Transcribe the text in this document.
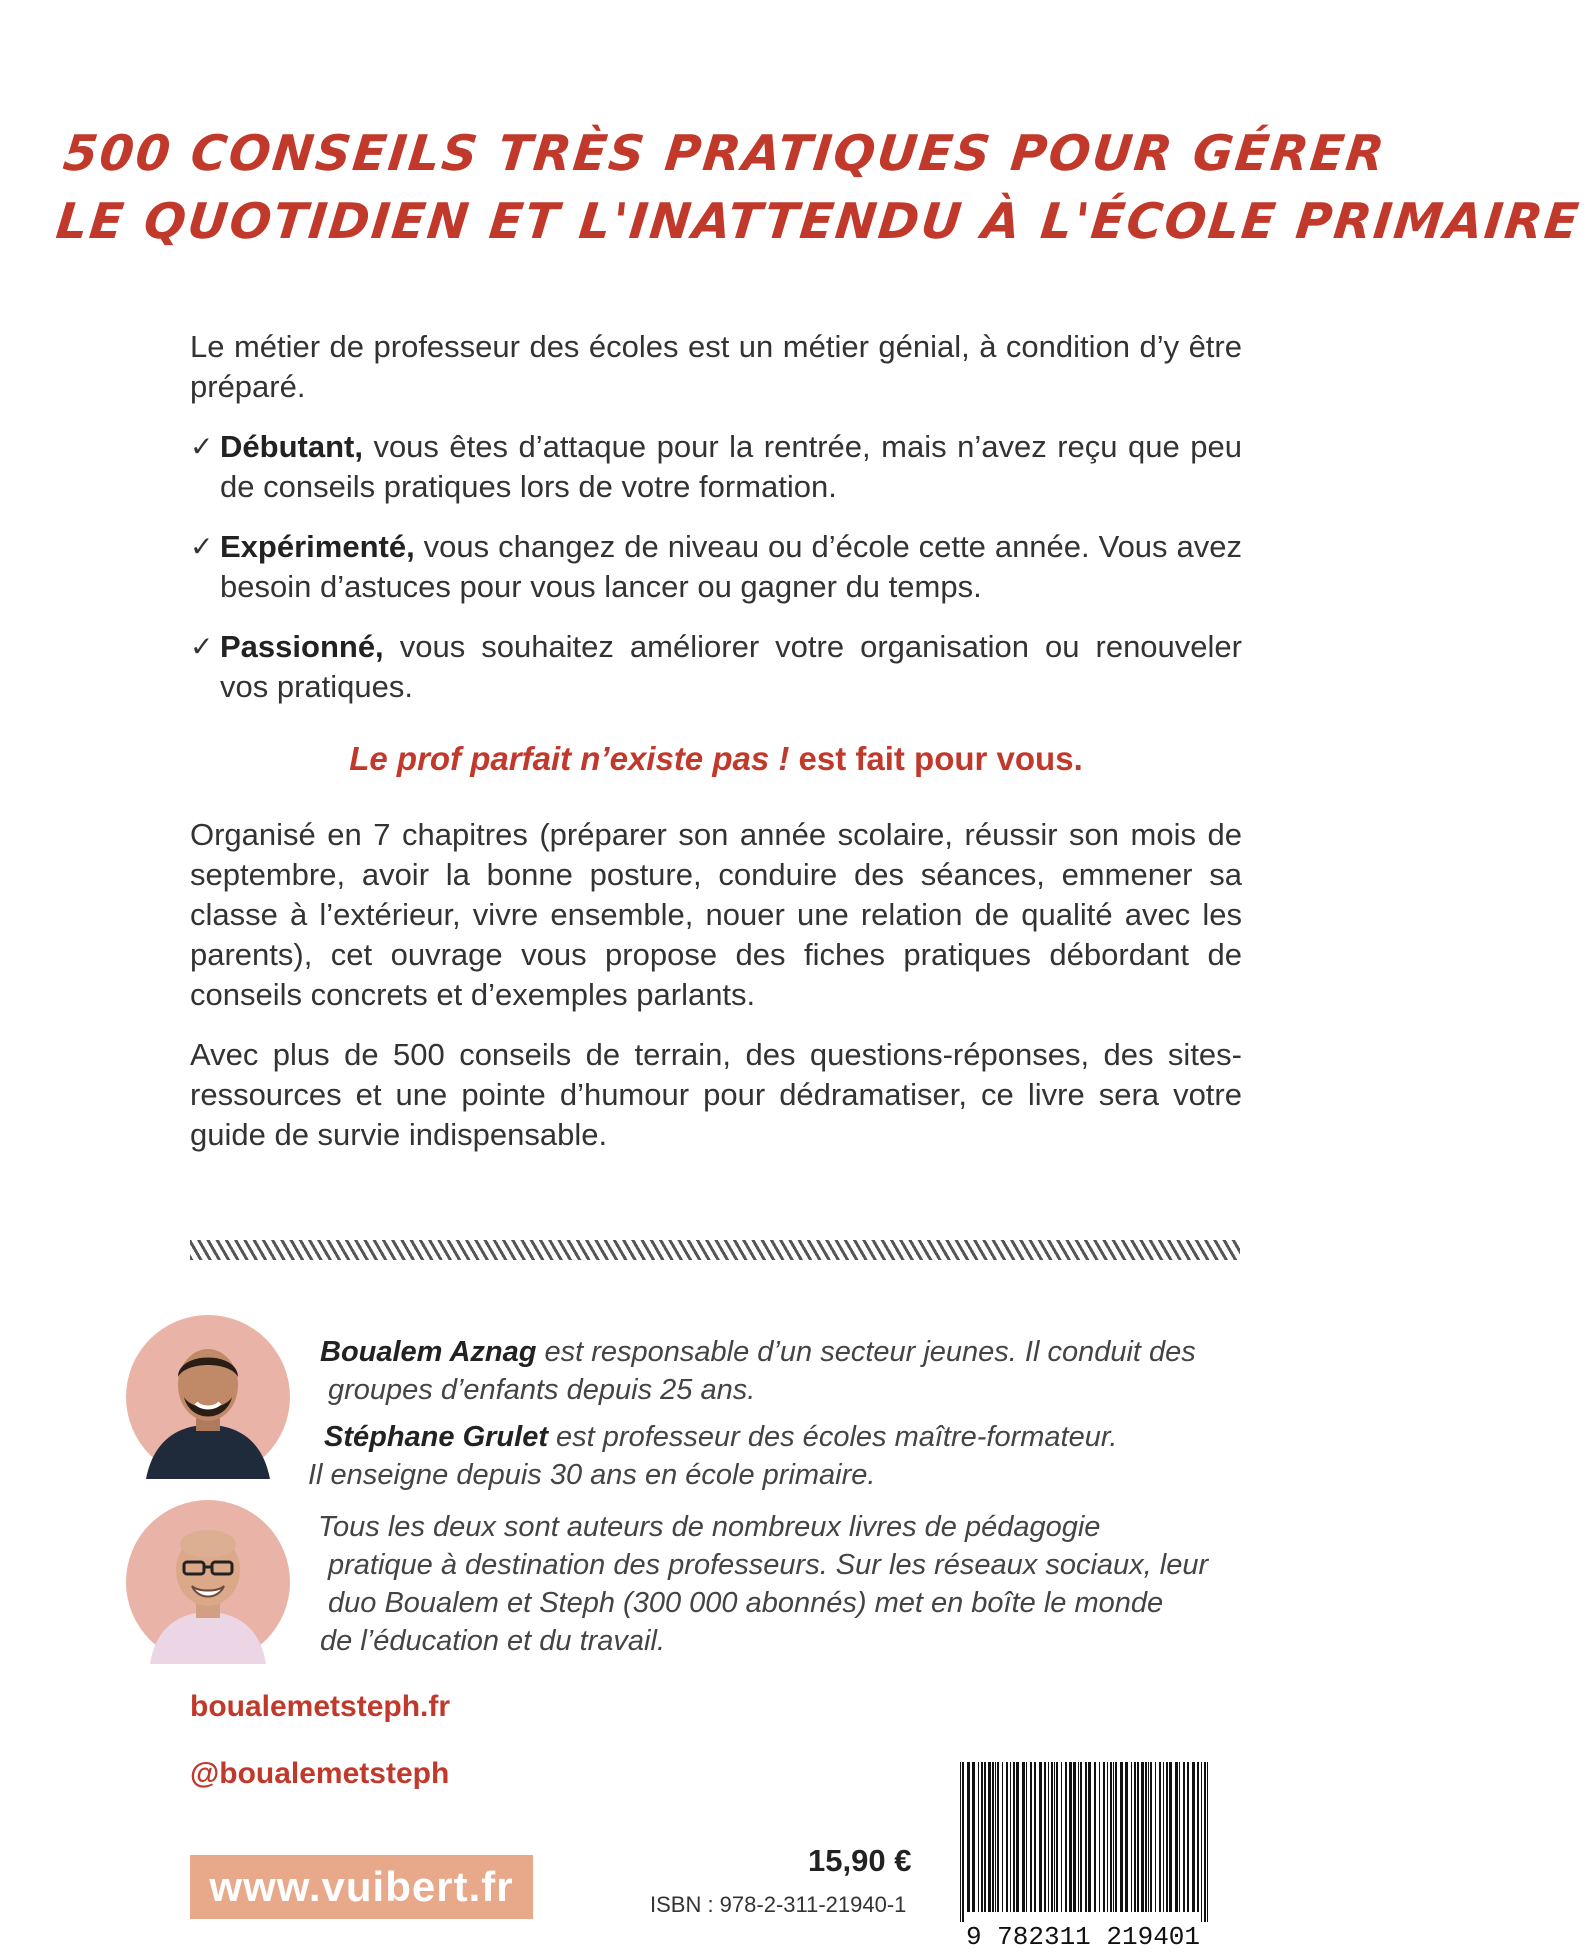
500 CONSEILS TRÈS PRATIQUES POUR GÉRER
LE QUOTIDIEN ET L'INATTENDU À L'ÉCOLE PRIMAIRE

Le métier de professeur des écoles est un métier génial, à condition d’y être préparé.

✓ Débutant, vous êtes d’attaque pour la rentrée, mais n’avez reçu que peu de conseils pratiques lors de votre formation.

✓ Expérimenté, vous changez de niveau ou d’école cette année. Vous avez besoin d’astuces pour vous lancer ou gagner du temps.

✓ Passionné, vous souhaitez améliorer votre organisation ou renouveler vos pratiques.

Le prof parfait n’existe pas ! est fait pour vous.

Organisé en 7 chapitres (préparer son année scolaire, réussir son mois de septembre, avoir la bonne posture, conduire des séances, emmener sa classe à l’extérieur, vivre ensemble, nouer une relation de qualité avec les parents), cet ouvrage vous propose des fiches pratiques débordant de conseils concrets et d’exemples parlants.

Avec plus de 500 conseils de terrain, des questions-réponses, des sites-ressources et une pointe d’humour pour dédramatiser, ce livre sera votre guide de survie indispensable.

Boualem Aznag est responsable d’un secteur jeunes. Il conduit des

groupes d’enfants depuis 25 ans.

Stéphane Grulet est professeur des écoles maître-formateur.

Il enseigne depuis 30 ans en école primaire.

Tous les deux sont auteurs de nombreux livres de pédagogie

pratique à destination des professeurs. Sur les réseaux sociaux, leur

duo Boualem et Steph (300 000 abonnés) met en boîte le monde

de l’éducation et du travail.

boualemetsteph.fr
@boualemetsteph
www.vuibert.fr
15,90 €
ISBN : 978-2-311-21940-1
9 782311 219401
